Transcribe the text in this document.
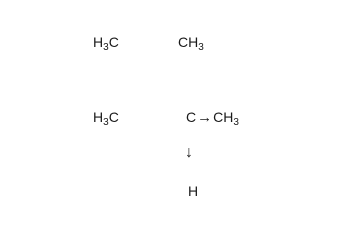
$H_3C$	$CH_3$
$H_3C$	$C\to CH_3$
↓
H
